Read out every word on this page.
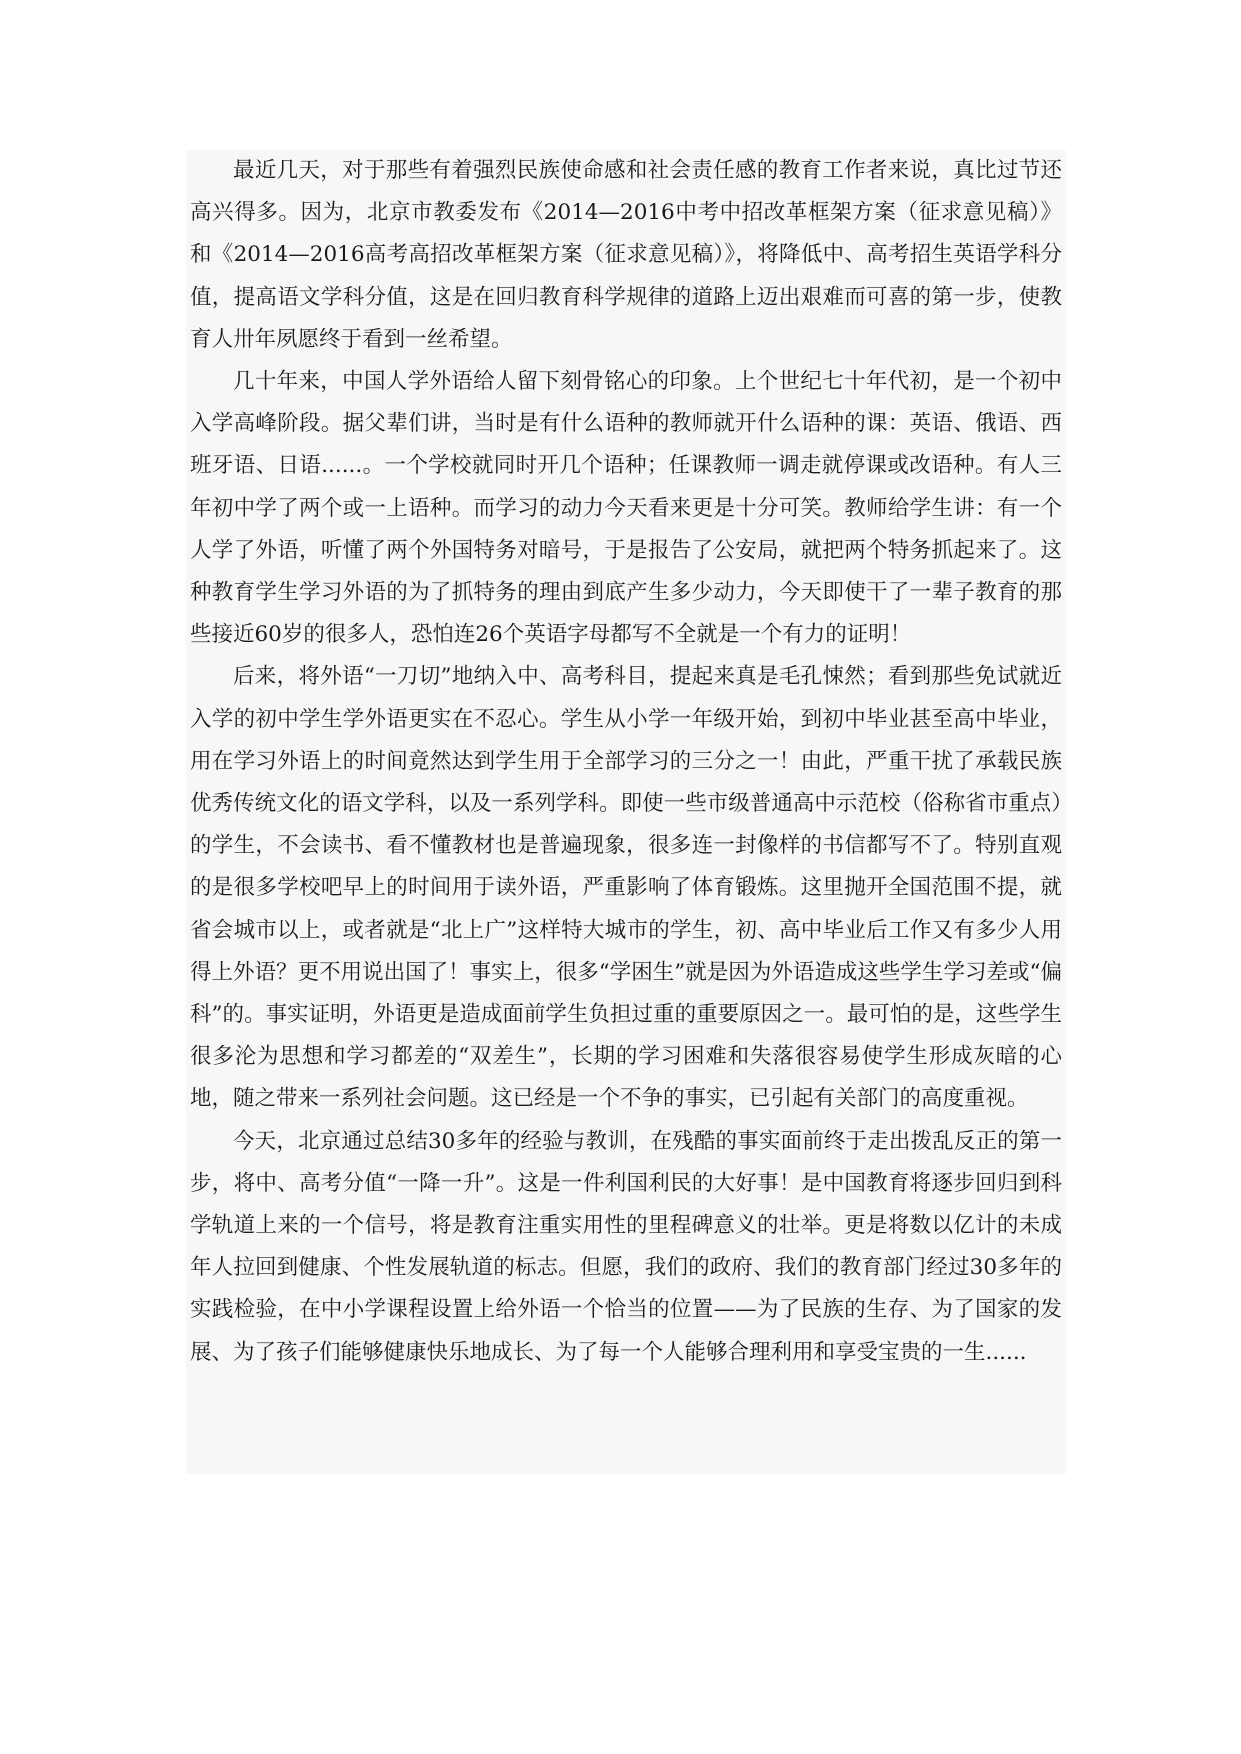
最近几天，对于那些有着强烈民族使命感和社会责任感的教育工作者来说，真比过节还高兴得多。因为，北京市教委发布《2014—2016中考中招改革框架方案（征求意见稿）》和《2014—2016高考高招改革框架方案（征求意见稿）》，将降低中、高考招生英语学科分值，提高语文学科分值，这是在回归教育科学规律的道路上迈出艰难而可喜的第一步，使教育人卅年夙愿终于看到一丝希望。

几十年来，中国人学外语给人留下刻骨铭心的印象。上个世纪七十年代初，是一个初中入学高峰阶段。据父辈们讲，当时是有什么语种的教师就开什么语种的课：英语、俄语、西班牙语、日语......。一个学校就同时开几个语种；任课教师一调走就停课或改语种。有人三年初中学了两个或一上语种。而学习的动力今天看来更是十分可笑。教师给学生讲：有一个人学了外语，听懂了两个外国特务对暗号，于是报告了公安局，就把两个特务抓起来了。这种教育学生学习外语的为了抓特务的理由到底产生多少动力，今天即使干了一辈子教育的那些接近60岁的很多人，恐怕连26个英语字母都写不全就是一个有力的证明！

后来，将外语“一刀切”地纳入中、高考科目，提起来真是毛孔悚然；看到那些免试就近入学的初中学生学外语更实在不忍心。学生从小学一年级开始，到初中毕业甚至高中毕业，用在学习外语上的时间竟然达到学生用于全部学习的三分之一！由此，严重干扰了承载民族优秀传统文化的语文学科，以及一系列学科。即使一些市级普通高中示范校（俗称省市重点）的学生，不会读书、看不懂教材也是普遍现象，很多连一封像样的书信都写不了。特别直观的是很多学校吧早上的时间用于读外语，严重影响了体育锻炼。这里抛开全国范围不提，就省会城市以上，或者就是“北上广”这样特大城市的学生，初、高中毕业后工作又有多少人用得上外语？更不用说出国了！事实上，很多“学困生”就是因为外语造成这些学生学习差或“偏科”的。事实证明，外语更是造成面前学生负担过重的重要原因之一。最可怕的是，这些学生很多沦为思想和学习都差的“双差生”，长期的学习困难和失落很容易使学生形成灰暗的心地，随之带来一系列社会问题。这已经是一个不争的事实，已引起有关部门的高度重视。

今天，北京通过总结30多年的经验与教训，在残酷的事实面前终于走出拨乱反正的第一步，将中、高考分值“一降一升”。这是一件利国利民的大好事！是中国教育将逐步回归到科学轨道上来的一个信号，将是教育注重实用性的里程碑意义的壮举。更是将数以亿计的未成年人拉回到健康、个性发展轨道的标志。但愿，我们的政府、我们的教育部门经过30多年的实践检验，在中小学课程设置上给外语一个恰当的位置——为了民族的生存、为了国家的发展、为了孩子们能够健康快乐地成长、为了每一个人能够合理利用和享受宝贵的一生......
